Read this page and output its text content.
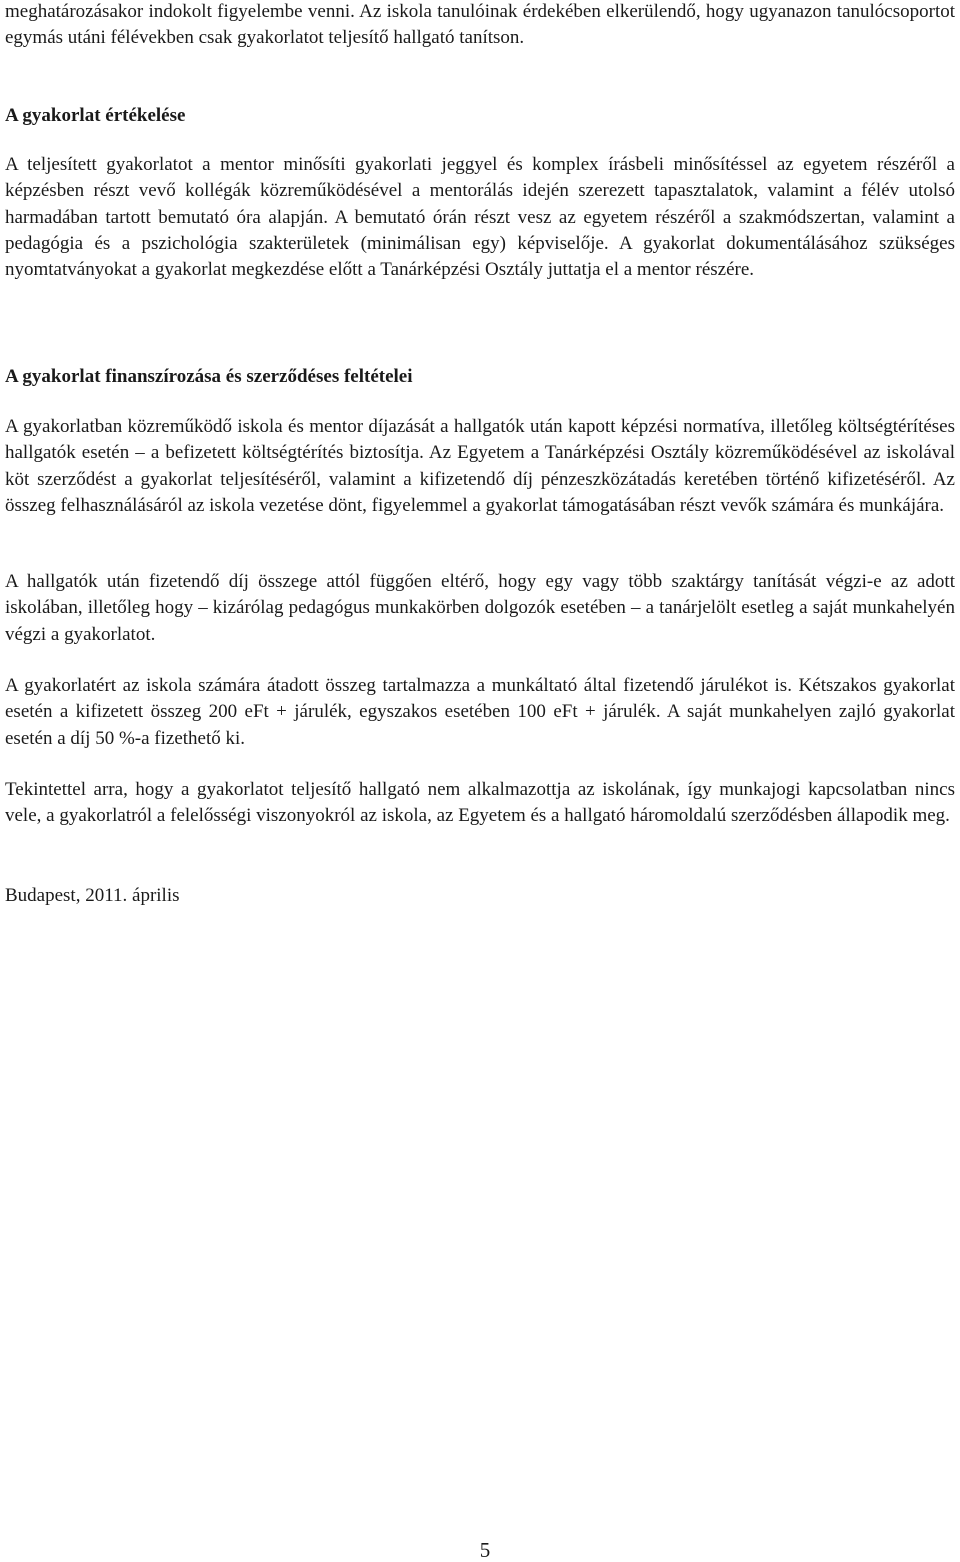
meghatározásakor indokolt figyelembe venni. Az iskola tanulóinak érdekében elkerülendő, hogy ugyanazon tanulócsoportot egymás utáni félévekben csak gyakorlatot teljesítő hallgató tanítson.

A gyakorlat értékelése

A teljesített gyakorlatot a mentor minősíti gyakorlati jeggyel és komplex írásbeli minősítéssel az egyetem részéről a képzésben részt vevő kollégák közreműködésével a mentorálás idején szerezett tapasztalatok, valamint a félév utolsó harmadában tartott bemutató óra alapján. A bemutató órán részt vesz az egyetem részéről a szakmódszertan, valamint a pedagógia és a pszichológia szakterületek (minimálisan egy) képviselője. A gyakorlat dokumentálásához szükséges nyomtatványokat a gyakorlat megkezdése előtt a Tanárképzési Osztály juttatja el a mentor részére.

A gyakorlat finanszírozása és szerződéses feltételei

A gyakorlatban közreműködő iskola és mentor díjazását a hallgatók után kapott képzési normatíva, illetőleg költségtérítéses hallgatók esetén – a befizetett költségtérítés biztosítja. Az Egyetem a Tanárképzési Osztály közreműködésével az iskolával köt szerződést a gyakorlat teljesítéséről, valamint a kifizetendő díj pénzeszközátadás keretében történő kifizetéséről. Az összeg felhasználásáról az iskola vezetése dönt, figyelemmel a gyakorlat támogatásában részt vevők számára és munkájára.

A hallgatók után fizetendő díj összege attól függően eltérő, hogy egy vagy több szaktárgy tanítását végzi-e az adott iskolában, illetőleg hogy – kizárólag pedagógus munkakörben dolgozók esetében – a tanárjelölt esetleg a saját munkahelyén végzi a gyakorlatot.

A gyakorlatért az iskola számára átadott összeg tartalmazza a munkáltató által fizetendő járulékot is. Kétszakos gyakorlat esetén a kifizetett összeg 200 eFt + járulék, egyszakos esetében 100 eFt + járulék. A saját munkahelyen zajló gyakorlat esetén a díj 50 %-a fizethető ki.

Tekintettel arra, hogy a gyakorlatot teljesítő hallgató nem alkalmazottja az iskolának, így munkajogi kapcsolatban nincs vele, a gyakorlatról a felelősségi viszonyokról az iskola, az Egyetem és a hallgató háromoldalú szerződésben állapodik meg.

Budapest, 2011. április

5
